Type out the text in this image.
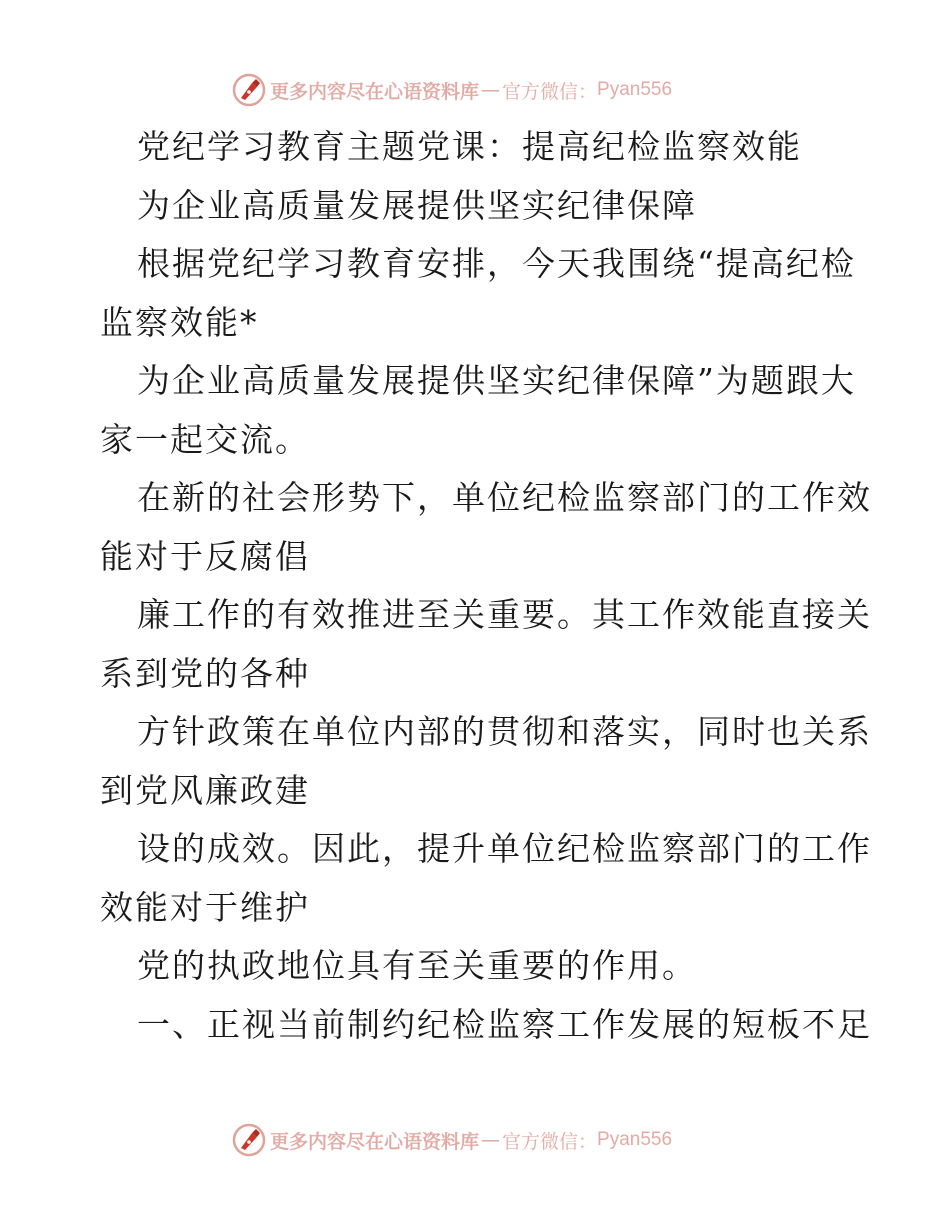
更多内容尽在心语资料库 — 官方微信： Pyan556
党纪学习教育主题党课：提高纪检监察效能
为企业高质量发展提供坚实纪律保障
根据党纪学习教育安排，今天我围绕“提高纪检
监察效能*
为企业高质量发展提供坚实纪律保障”为题跟大
家一起交流。
在新的社会形势下，单位纪检监察部门的工作效
能对于反腐倡
廉工作的有效推进至关重要。其工作效能直接关
系到党的各种
方针政策在单位内部的贯彻和落实，同时也关系
到党风廉政建
设的成效。因此，提升单位纪检监察部门的工作
效能对于维护
党的执政地位具有至关重要的作用。
一、正视当前制约纪检监察工作发展的短板不足
更多内容尽在心语资料库 — 官方微信： Pyan556
